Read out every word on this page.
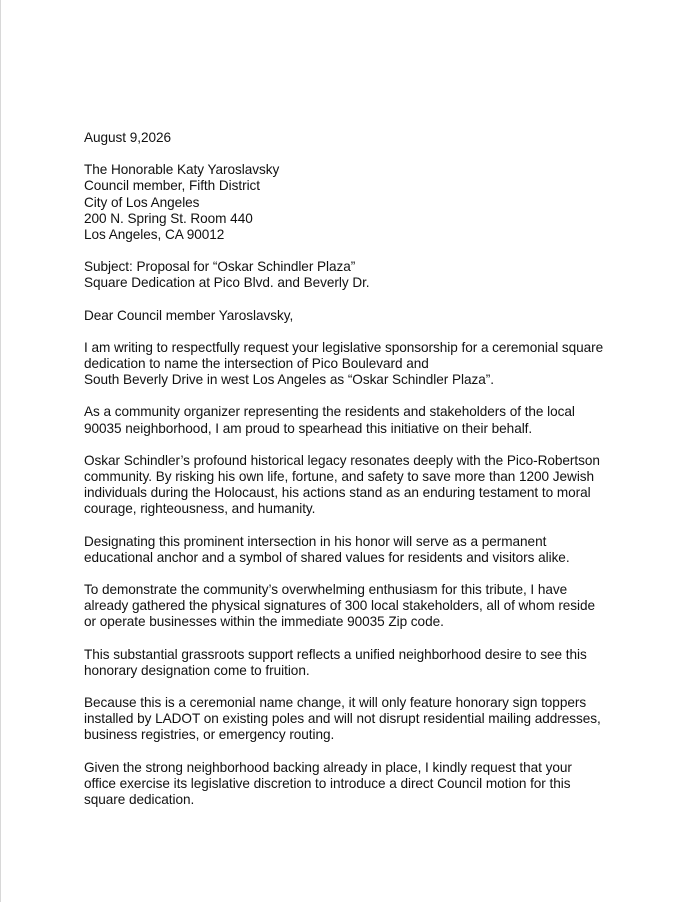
August 9,2026
The Honorable Katy Yaroslavsky
Council member, Fifth District
City of Los Angeles
200 N. Spring St. Room 440
Los Angeles, CA 90012
Subject: Proposal for “Oskar Schindler Plaza”
Square Dedication at Pico Blvd. and Beverly Dr.
Dear Council member Yaroslavsky,
I am writing to respectfully request your legislative sponsorship for a ceremonial square
dedication to name the intersection of Pico Boulevard and
South Beverly Drive in west Los Angeles as “Oskar Schindler Plaza”.
As a community organizer representing the residents and stakeholders of the local
90035 neighborhood, I am proud to spearhead this initiative on their behalf.
Oskar Schindler’s profound historical legacy resonates deeply with the Pico-Robertson
community. By risking his own life, fortune, and safety to save more than 1200 Jewish
individuals during the Holocaust, his actions stand as an enduring testament to moral
courage, righteousness, and humanity.
Designating this prominent intersection in his honor will serve as a permanent
educational anchor and a symbol of shared values for residents and visitors alike.
To demonstrate the community’s overwhelming enthusiasm for this tribute, I have
already gathered the physical signatures of 300 local stakeholders, all of whom reside
or operate businesses within the immediate 90035 Zip code.
This substantial grassroots support reflects a unified neighborhood desire to see this
honorary designation come to fruition.
Because this is a ceremonial name change, it will only feature honorary sign toppers
installed by LADOT on existing poles and will not disrupt residential mailing addresses,
business registries, or emergency routing.
Given the strong neighborhood backing already in place, I kindly request that your
office exercise its legislative discretion to introduce a direct Council motion for this
square dedication.
